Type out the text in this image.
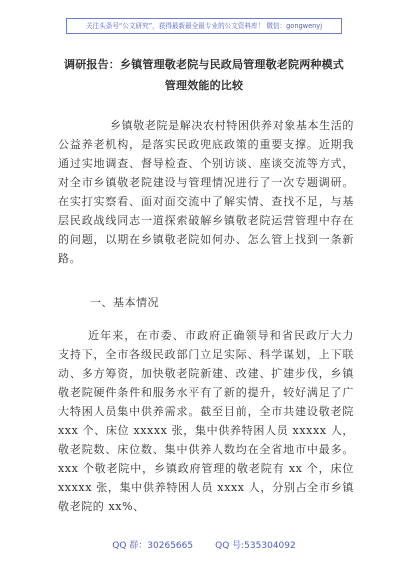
关注头条号“公文研究”，获得最新最全最专业的公文资料库！ 微信：gongwenyj
调研报告：乡镇管理敬老院与民政局管理敬老院两种模式
管理效能的比较

乡镇敬老院是解决农村特困供养对象基本生活的公益养老机构，是落实民政兜底政策的重要支撑。近期我通过实地调查、督导检查、个别访谈、座谈交流等方式，对全市乡镇敬老院建设与管理情况进行了一次专题调研。在实打实察看、面对面交流中了解实情、查找不足，与基层民政战线同志一道探索破解乡镇敬老院运营管理中存在的问题，以期在乡镇敬老院如何办、怎么管上找到一条新路。

一、基本情况

近年来，在市委、市政府正确领导和省民政厅大力支持下，全市各级民政部门立足实际、科学谋划，上下联动、多方筹资，加快敬老院新建、改建、扩建步伐，乡镇敬老院硬件条件和服务水平有了新的提升，较好满足了广大特困人员集中供养需求。截至目前，全市共建设敬老院 xxx 个、床位 xxxxx 张，集中供养特困人员 xxxxx 人，敬老院数、床位数、集中供养人数均在全省地市中最多。xxx 个敬老院中，乡镇政府管理的敬老院有 xx 个，床位 xxxxx 张，集中供养特困人员 xxxx 人，分别占全市乡镇敬老院的 xx%、

QQ 群：30265665 QQ 号:535304092
